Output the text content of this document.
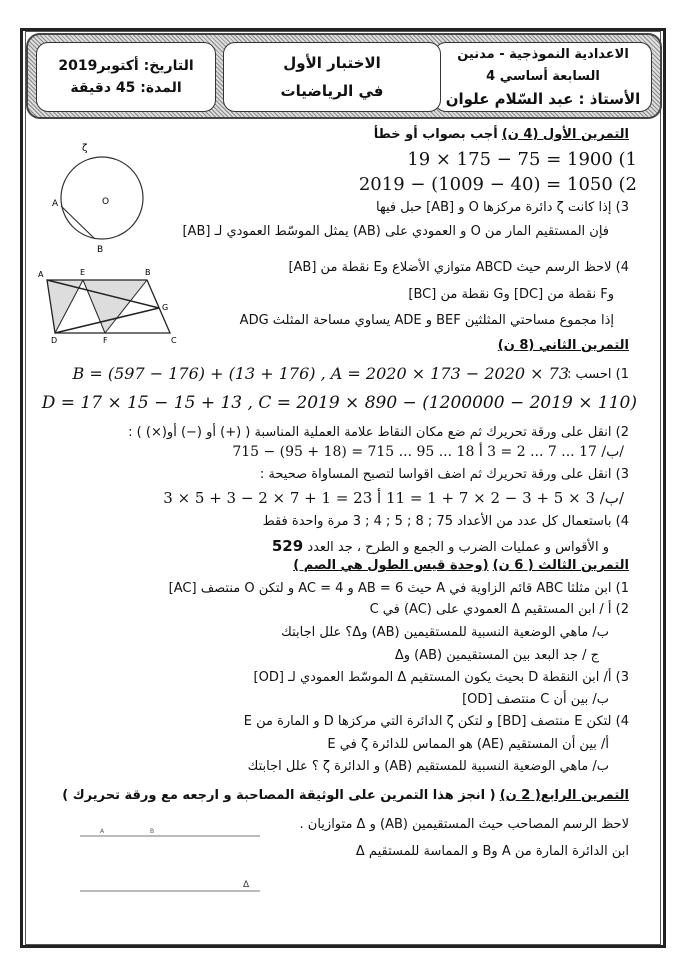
الاعدادية النموذجية - مدنين
السابعة أساسي 4
الأستاذ : عبد السّلام علوان
الاختبار الأول
في الرياضيات
التاريخ: أكتوبر2019
المدة: 45 دقيقة
التمرين الأول (4 ن) أجب بصواب أو خطأ
19 × 175 − 75 = 1900 (1
2019 − (1009 − 40) = 1050 (2
3) إذا كانت ζ دائرة مركزها O و [AB] حبل فيها
فإن المستقيم المار من O و العمودي على (AB) يمثل الموسّط العمودي لـ [AB]
4) لاحظ الرسم حيث ABCD متوازي الأضلاع وE نقطة من [AB]
وF نقطة من [DC] وG نقطة من [BC]
إذا مجموع مساحتي المثلثين BEF و ADE يساوي مساحة المثلث ADG
ζ
A	O
B
A	E	B
G
D	F	C	التمرين الثاني (8 ن)
1) احسب :
B = (597 − 176) + (13 + 176) , A = 2020 × 173 − 2020 × 73
D = 17 × 15 − 15 + 13 , C = 2019 × 890 − (1200000 − 2019 × 110)
2) انقل على ورقة تحريرك ثم ضع مكان النقاط علامة العملية المناسبة ( (+) أو (−) أو(×) ) :
715 − (95 + 18) = 715 ... 95 ... 18 ب/ 17 ... 7 ... 2 = 3 أ/
3) انقل على ورقة تحريرك ثم اضف اقواسا لتصبح المساواة صحيحة :
3 × 5 + 3 − 2 × 7 + 1 = 23 ب/ 3 × 5 + 3 − 2 × 7 + 1 = 11 أ/
4) باستعمال كل عدد من الأعداد 75 ; 8 ; 5 ; 4 ; 3 مرة واحدة فقط
و الأقواس و عمليات الضرب و الجمع و الطرح ، جد العدد 529
التمرين الثالث ( 6 ن) (وحدة قيس الطول هي الصم )
1) ابن مثلثا ABC قائم الزاوية في A حيث AB = 6 و AC = 4 و لتكن O منتصف [AC]
2) أ / ابن المستقيم Δ العمودي على (AC) في C
ب/ ماهي الوضعية النسبية للمستقيمين (AB) وΔ؟ علل اجابتك
ج / جد البعد بين المستقيمين (AB) وΔ
3) أ/ ابن النقطة D بحيث يكون المستقيم Δ الموسّط العمودي لـ [OD]
ب/ بين أن C منتصف [OD]
4) لتكن E منتصف [BD] و لتكن ζ الدائرة التي مركزها D و المارة من E
أ/ بين أن المستقيم (AE) هو المماس للدائرة ζ في E
ب/ ماهي الوضعية النسبية للمستقيم (AB) و الدائرة ζ ؟ علل اجابتك
التمرين الرابع( 2 ن) ( انجز هذا التمرين على الوثيقة المصاحبة و ارجعه مع ورقة تحريرك )
لاحظ الرسم المصاحب حيث المستقيمين (AB) و Δ متوازيان .
ابن الدائرة المارة من A وB و المماسة للمستقيم Δ
A	B
Δ
